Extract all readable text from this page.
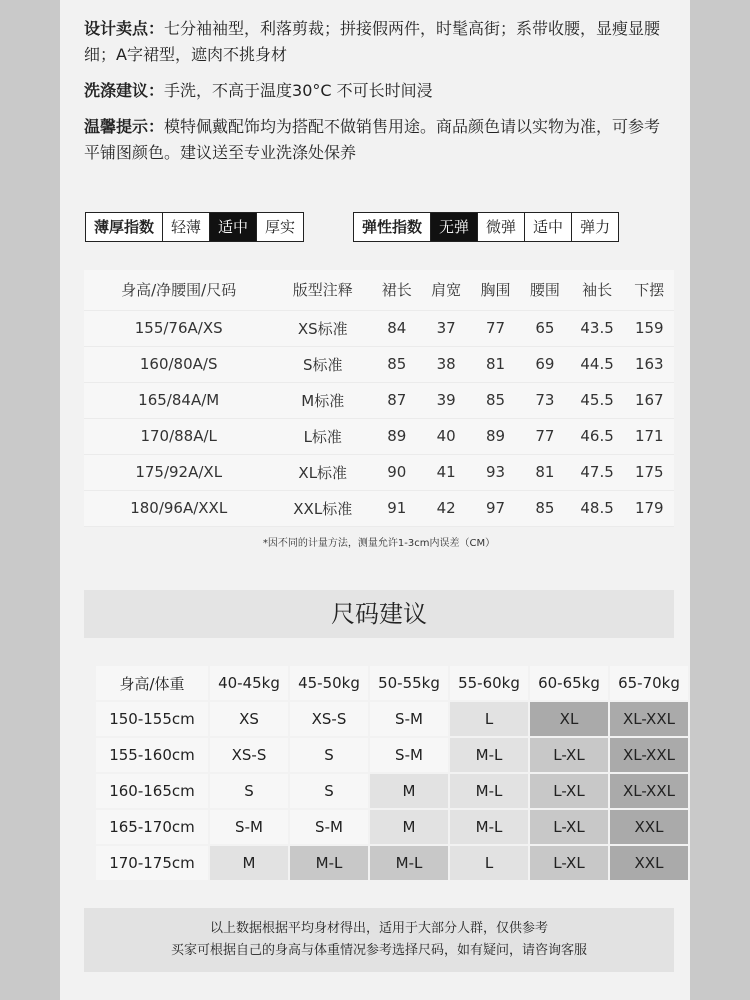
设计卖点：七分袖袖型，利落剪裁；拼接假两件，时髦高街；系带收腰，显瘦显腰细；A字裙型，遮肉不挑身材

洗涤建议：手洗，不高于温度30°C 不可长时间浸

温馨提示：模特佩戴配饰均为搭配不做销售用途。商品颜色请以实物为准，可参考平铺图颜色。建议送至专业洗涤处保养

薄厚指数	轻薄	适中	厚实	弹性指数	无弹	微弹	适中	弹力
身高/净腰围/尺码	版型注释	裙长	肩宽	胸围	腰围	袖长	下摆
155/76A/XS	XS标准	84	37	77	65	43.5	159
160/80A/S	S标准	85	38	81	69	44.5	163
165/84A/M	M标准	87	39	85	73	45.5	167
170/88A/L	L标准	89	40	89	77	46.5	171
175/92A/XL	XL标准	90	41	93	81	47.5	175
180/96A/XXL	XXL标准	91	42	97	85	48.5	179
*因不同的计量方法，测量允许1-3cm内误差（CM）
尺码建议
身高/体重	40-45kg	45-50kg	50-55kg	55-60kg	60-65kg	65-70kg
150-155cm	XS	XS-S	S-M	L	XL	XL-XXL
155-160cm	XS-S	S	S-M	M-L	L-XL	XL-XXL
160-165cm	S	S	M	M-L	L-XL	XL-XXL
165-170cm	S-M	S-M	M	M-L	L-XL	XXL
170-175cm	M	M-L	M-L	L	L-XL	XXL
以上数据根据平均身材得出，适用于大部分人群，仅供参考
买家可根据自己的身高与体重情况参考选择尺码，如有疑问，请咨询客服
